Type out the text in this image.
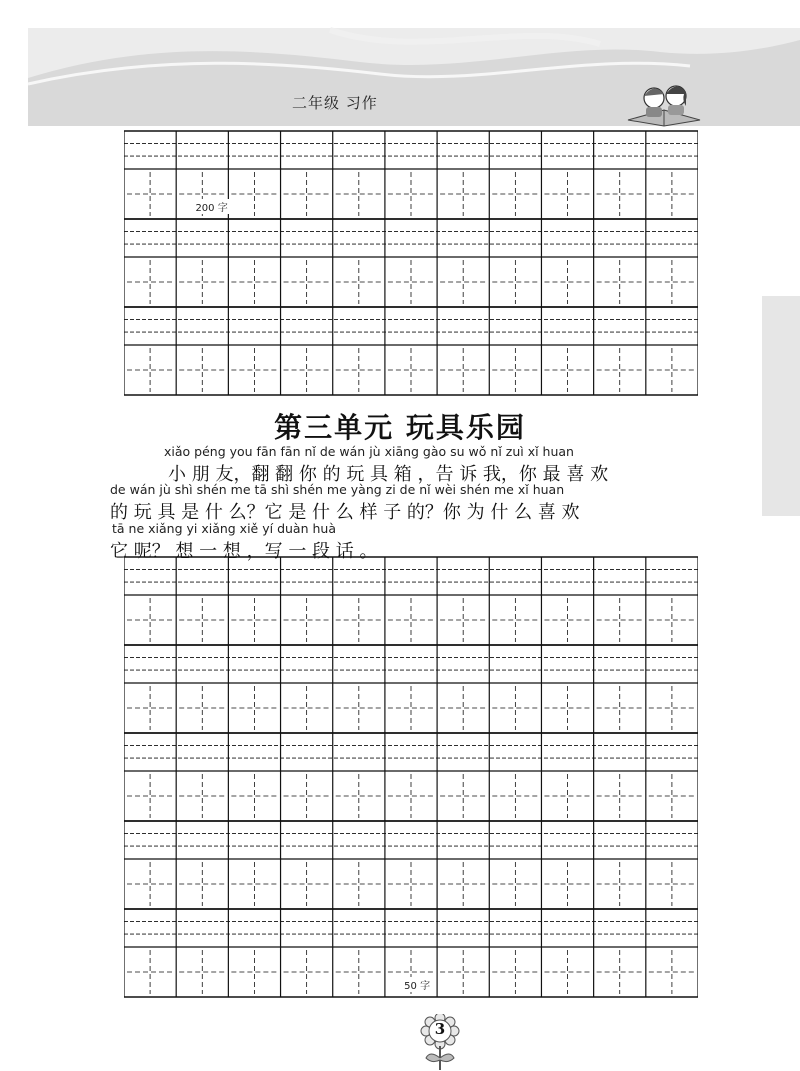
二年级 习作
200 字
第三单元 玩具乐园
xiǎo péng you fān fān nǐ de wán jù xiāng gào su wǒ nǐ zuì xǐ huan
小 朋 友，翻 翻 你 的 玩 具 箱 ，告 诉 我，你 最 喜 欢
de wán jù shì shén me tā shì shén me yàng zi de nǐ wèi shén me xǐ huan
的 玩 具 是 什 么？它 是 什 么 样 子 的？你 为 什 么 喜 欢
tā ne xiǎng yi xiǎng xiě yí duàn huà
它 呢？ 想 一 想 ，写 一 段 话 。
50 字
3
